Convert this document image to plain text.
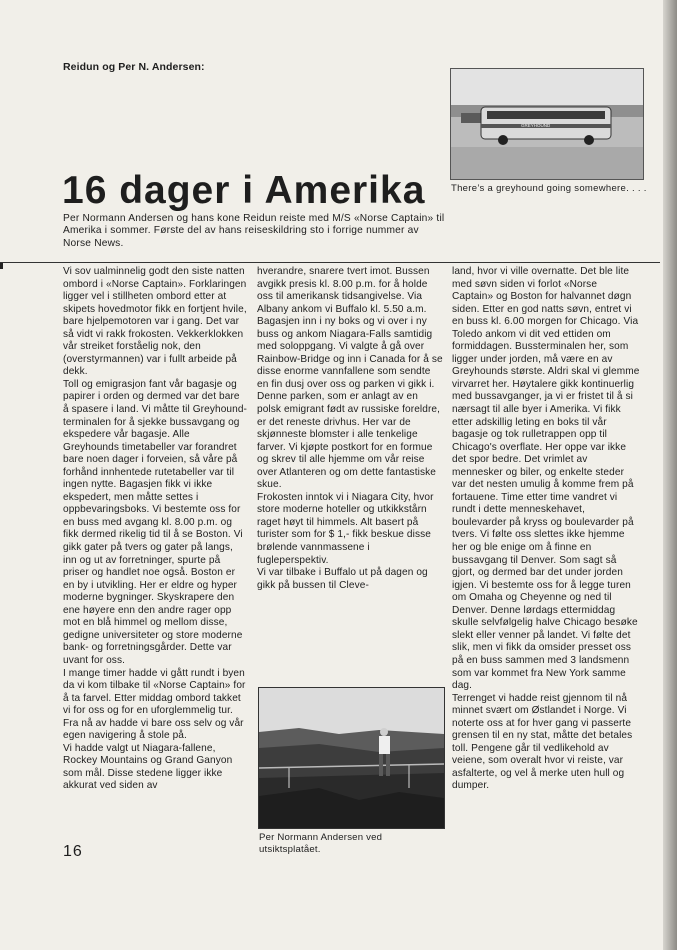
Reidun og Per N. Andersen:
GREYHOUND
There’s a greyhound going somewhere. . . .
16 dager i Amerika
Per Normann Andersen og hans kone Reidun reiste med M/S «Norse Captain» til Amerika i sommer. Første del av hans reiseskildring sto i forrige nummer av Norse News.

Vi sov ualminnelig godt den siste natten ombord i «Norse Captain». Forklaringen ligger vel i stillheten ombord etter at skipets hovedmotor fikk en fortjent hvile, bare hjelpemotoren var i gang. Det var så vidt vi rakk frokosten. Vekkerklokken vår streiket forståelig nok, den (overstyrmannen) var i fullt arbeide på dekk.

Toll og emigrasjon fant vår bagasje og papirer i orden og dermed var det bare å spasere i land. Vi måtte til Greyhound-terminalen for å sjekke bussavgang og ekspedere vår bagasje. Alle Greyhounds timetabeller var forandret bare noen dager i forveien, så våre på forhånd innhentede rutetabeller var til ingen nytte. Bagasjen fikk vi ikke ekspedert, men måtte settes i oppbevaringsboks. Vi bestemte oss for en buss med avgang kl. 8.00 p.m. og fikk dermed rikelig tid til å se Boston. Vi gikk gater på tvers og gater på langs, inn og ut av forretninger, spurte på priser og handlet noe også. Boston er en by i utvikling. Her er eldre og hyper moderne bygninger. Skyskrapere den ene høyere enn den andre rager opp mot en blå himmel og mellom disse, gedigne universiteter og store moderne bank- og forretningsgårder. Dette var uvant for oss.

I mange timer hadde vi gått rundt i byen da vi kom tilbake til «Norse Captain» for å ta farvel. Etter middag ombord takket vi for oss og for en uforglemmelig tur. Fra nå av hadde vi bare oss selv og vår egen navigering å stole på.

Vi hadde valgt ut Niagara-fallene, Rockey Mountains og Grand Ganyon som mål. Disse stedene ligger ikke akkurat ved siden av

hverandre, snarere tvert imot. Bussen avgikk presis kl. 8.00 p.m. for å holde oss til amerikansk tidsangivelse. Via Albany ankom vi Buffalo kl. 5.50 a.m. Bagasjen inn i ny boks og vi over i ny buss og ankom Niagara-Falls samtidig med soloppgang. Vi valgte å gå over Rainbow-Bridge og inn i Canada for å se disse enorme vannfallene som sendte en fin dusj over oss og parken vi gikk i. Denne parken, som er anlagt av en polsk emigrant født av russiske foreldre, er det reneste drivhus. Her var de skjønneste blomster i alle tenkelige farver. Vi kjøpte postkort for en formue og skrev til alle hjemme om vår reise over Atlanteren og om dette fantastiske skue.

Frokosten inntok vi i Niagara City, hvor store moderne hoteller og utkikkstårn raget høyt til himmels. Alt basert på turister som for $ 1,- fikk beskue disse brølende vannmassene i fugleperspektiv.

Vi var tilbake i Buffalo ut på dagen og gikk på bussen til Cleve-

Per Normann Andersen ved utsiktsplatået.

land, hvor vi ville overnatte. Det ble lite med søvn siden vi forlot «Norse Captain» og Boston for halvannet døgn siden. Etter en god natts søvn, entret vi en buss kl. 6.00 morgen for Chicago. Via Toledo ankom vi dit ved ettiden om formiddagen. Bussterminalen her, som ligger under jorden, må være en av Greyhounds største. Aldri skal vi glemme virvarret her. Høytalere gikk kontinuerlig med bussavganger, ja vi er fristet til å si nærsagt til alle byer i Amerika. Vi fikk etter adskillig leting en boks til vår bagasje og tok rulletrappen opp til Chicago's overflate. Her oppe var ikke det spor bedre. Det vrimlet av mennesker og biler, og enkelte steder var det nesten umulig å komme frem på fortauene. Time etter time vandret vi rundt i dette menneskehavet, boulevarder på kryss og boulevarder på tvers. Vi følte oss slettes ikke hjemme her og ble enige om å finne en bussavgang til Denver. Som sagt så gjort, og dermed bar det under jorden igjen. Vi bestemte oss for å legge turen om Omaha og Cheyenne og ned til Denver. Denne lørdags ettermiddag skulle selvfølgelig halve Chicago besøke slekt eller venner på landet. Vi følte det slik, men vi fikk da omsider presset oss på en buss sammen med 3 landsmenn som var kommet fra New York samme dag.

Terrenget vi hadde reist gjennom til nå minnet svært om Østlandet i Norge. Vi noterte oss at for hver gang vi passerte grensen til en ny stat, måtte det betales toll. Pengene går til vedlikehold av veiene, som overalt hvor vi reiste, var asfalterte, og vel å merke uten hull og dumper.

16
